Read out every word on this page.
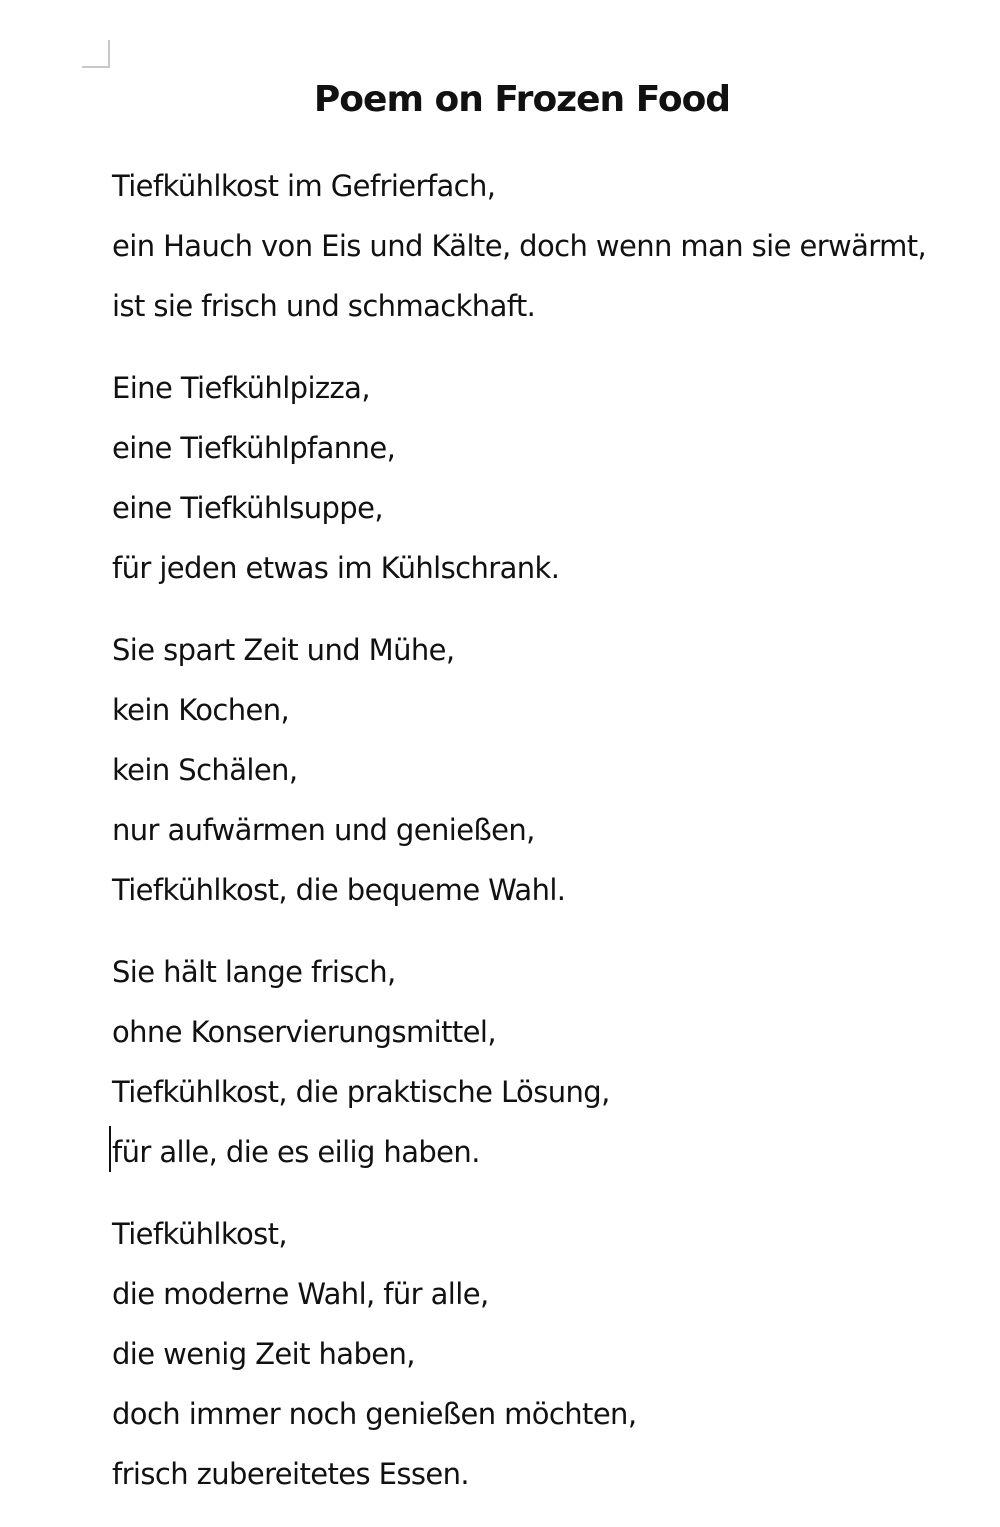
Poem on Frozen Food

Tiefkühlkost im Gefrierfach,
ein Hauch von Eis und Kälte, doch wenn man sie erwärmt,
ist sie frisch und schmackhaft.

Eine Tiefkühlpizza,
eine Tiefkühlpfanne,
eine Tiefkühlsuppe,
für jeden etwas im Kühlschrank.

Sie spart Zeit und Mühe,
kein Kochen,
kein Schälen,
nur aufwärmen und genießen,
Tiefkühlkost, die bequeme Wahl.

Sie hält lange frisch,
ohne Konservierungsmittel,
Tiefkühlkost, die praktische Lösung,
für alle, die es eilig haben.

Tiefkühlkost,
die moderne Wahl, für alle,
die wenig Zeit haben,
doch immer noch genießen möchten,
frisch zubereitetes Essen.
